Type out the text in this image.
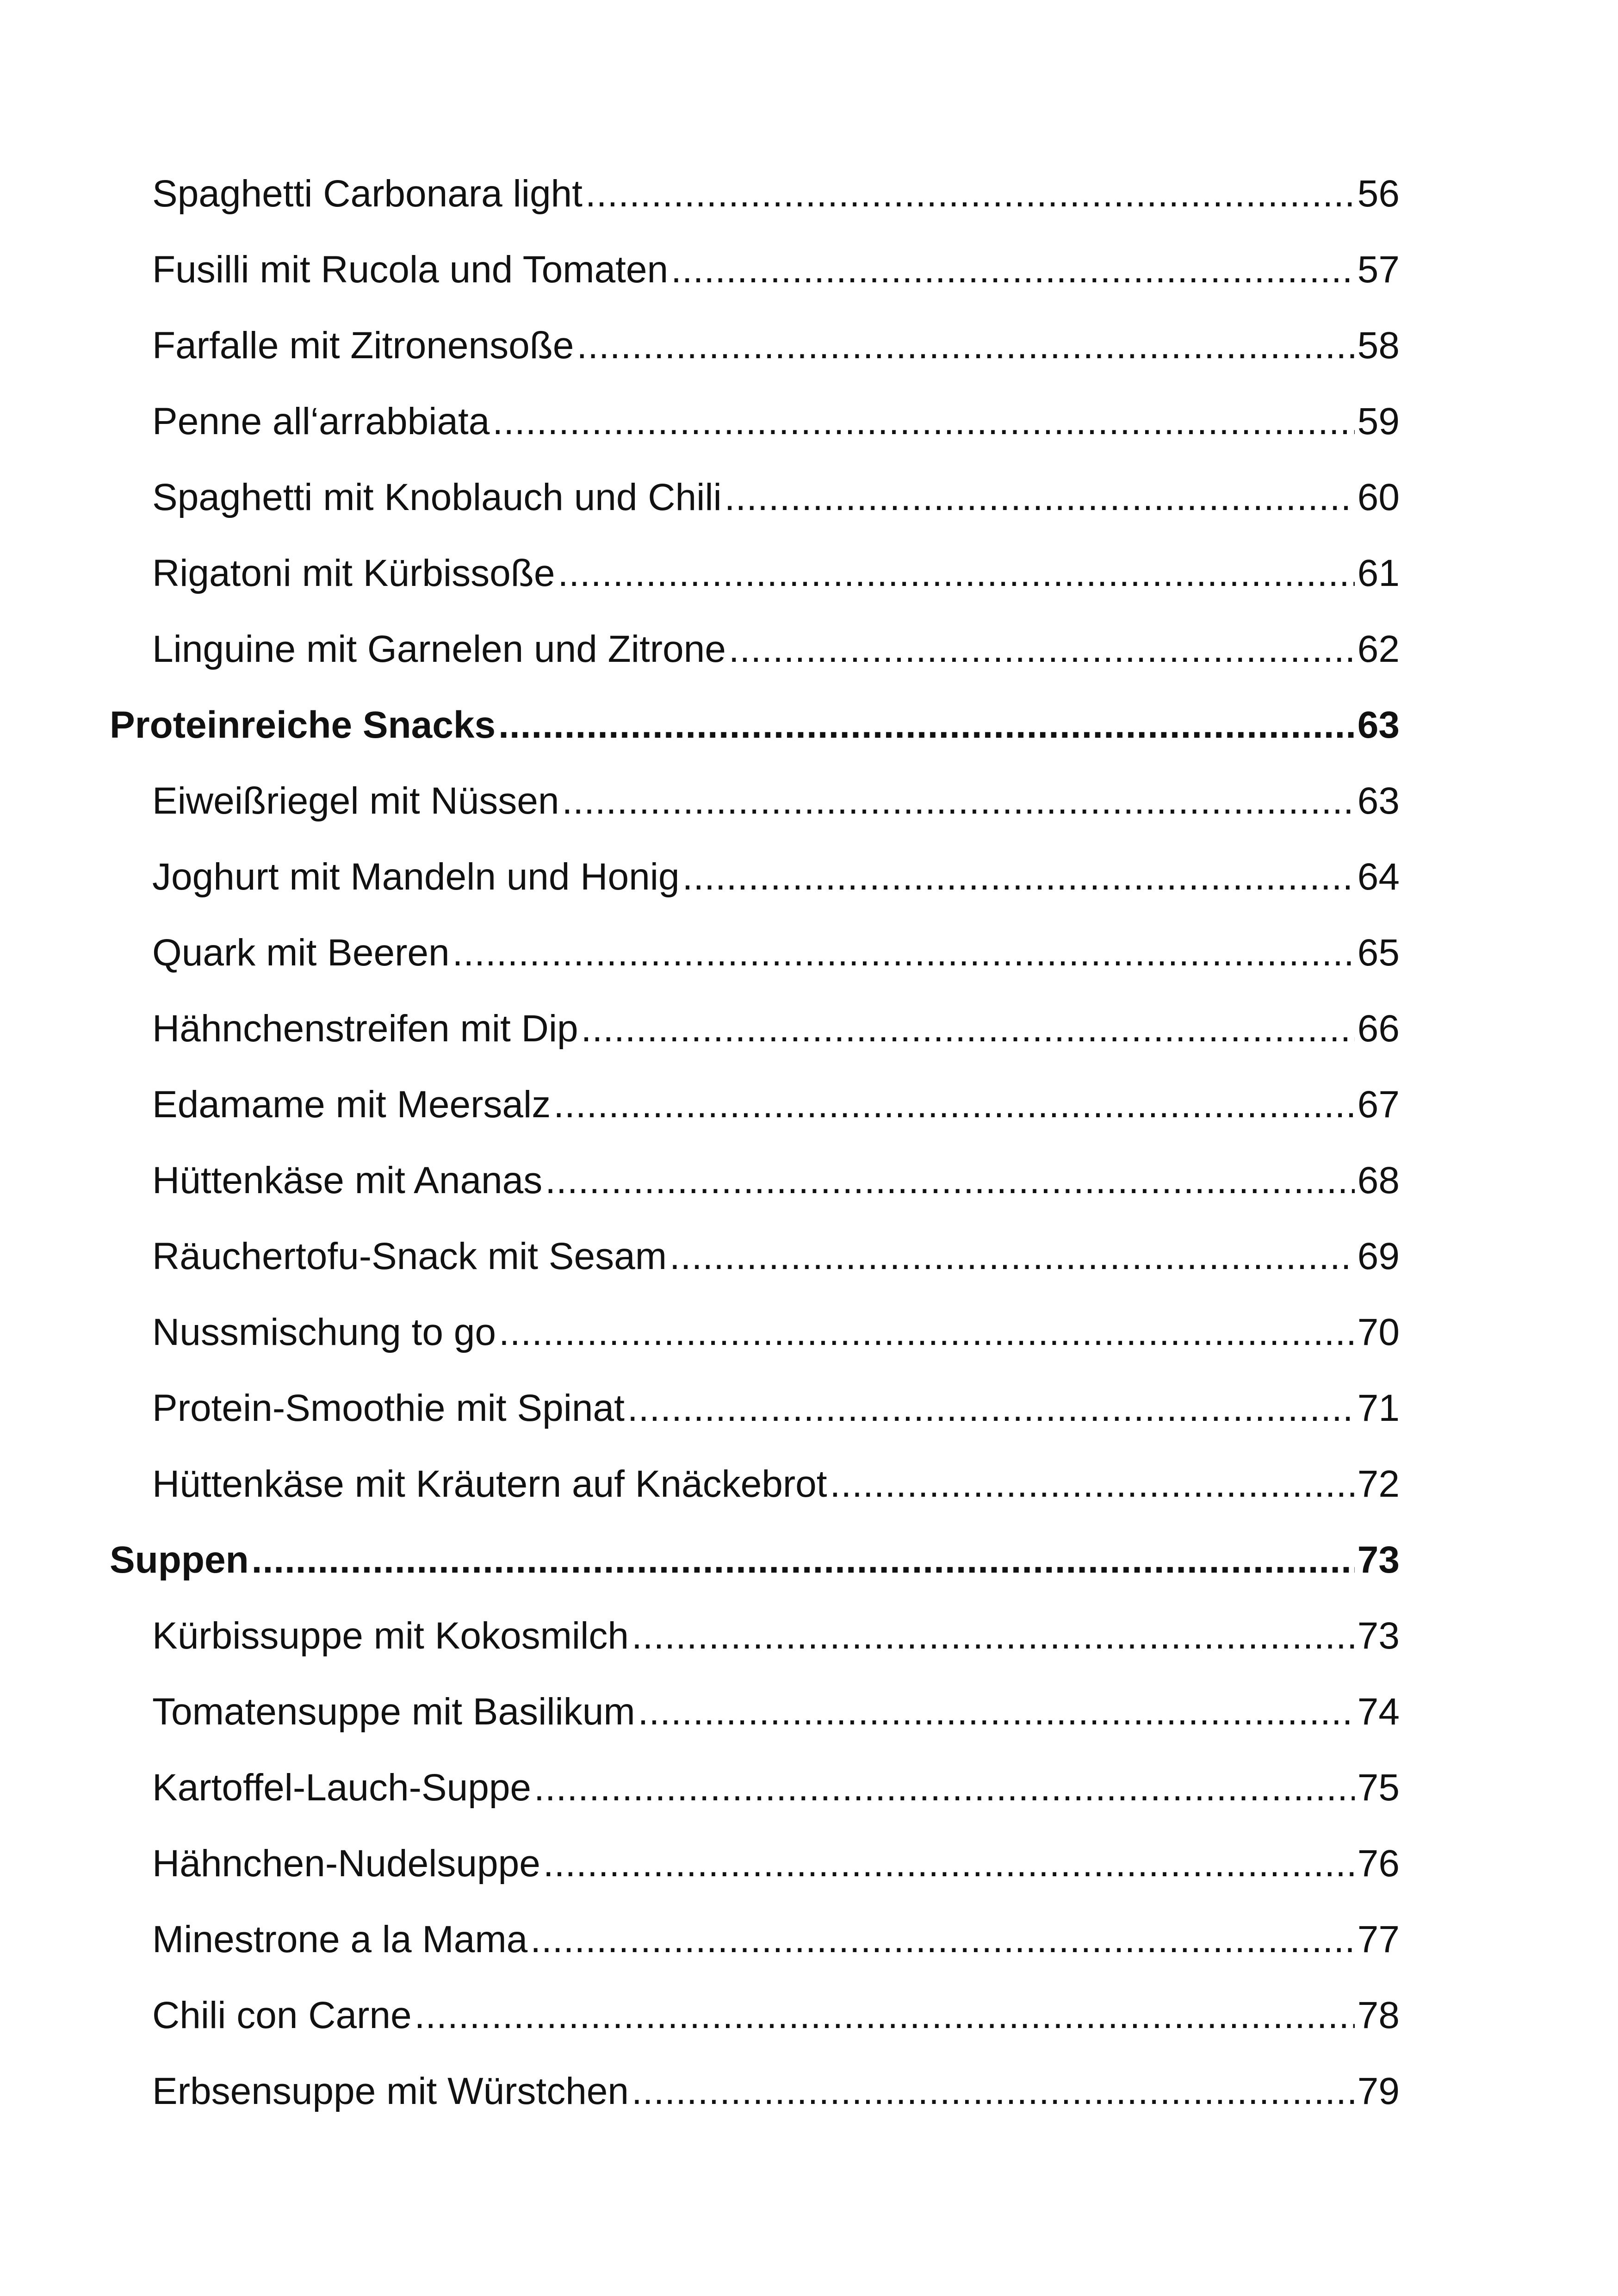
Spaghetti Carbonara light .....	56
Fusilli mit Rucola und Tomaten .....	57
Farfalle mit Zitronensoße .....	58
Penne all‘arrabbiata .....	59
Spaghetti mit Knoblauch und Chili .....	60
Rigatoni mit Kürbissoße .....	61
Linguine mit Garnelen und Zitrone .....	62
Proteinreiche Snacks .....	63
Eiweißriegel mit Nüssen .....	63
Joghurt mit Mandeln und Honig .....	64
Quark mit Beeren .....	65
Hähnchenstreifen mit Dip .....	66
Edamame mit Meersalz .....	67
Hüttenkäse mit Ananas .....	68
Räuchertofu-Snack mit Sesam .....	69
Nussmischung to go .....	70
Protein-Smoothie mit Spinat .....	71
Hüttenkäse mit Kräutern auf Knäckebrot .....	72
Suppen .....	73
Kürbissuppe mit Kokosmilch .....	73
Tomatensuppe mit Basilikum .....	74
Kartoffel-Lauch-Suppe .....	75
Hähnchen-Nudelsuppe .....	76
Minestrone a la Mama .....	77
Chili con Carne .....	78
Erbsensuppe mit Würstchen .....	79
